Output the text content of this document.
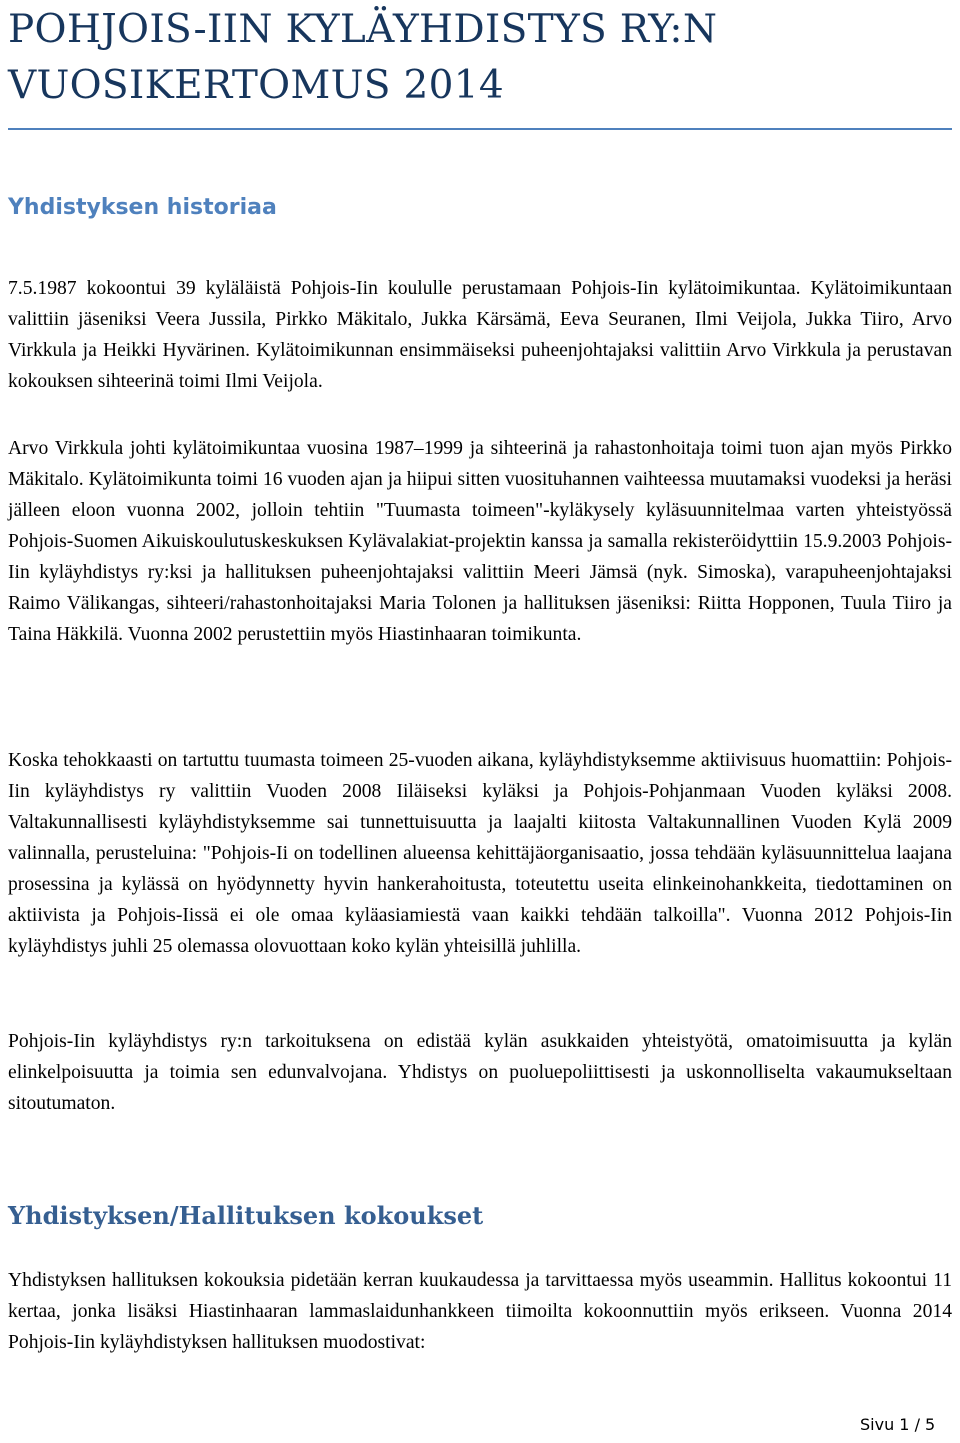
POHJOIS-IIN KYLÄYHDISTYS RY:N
VUOSIKERTOMUS 2014
Yhdistyksen historiaa

7.5.1987 kokoontui 39 kyläläistä Pohjois-Iin koululle perustamaan Pohjois-Iin kylätoimikuntaa. Kylätoimikuntaan valittiin jäseniksi Veera Jussila, Pirkko Mäkitalo, Jukka Kärsämä, Eeva Seuranen, Ilmi Veijola, Jukka Tiiro, Arvo Virkkula ja Heikki Hyvärinen. Kylätoimikunnan ensimmäiseksi puheenjohtajaksi valittiin Arvo Virkkula ja perustavan kokouksen sihteerinä toimi Ilmi Veijola.

Arvo Virkkula johti kylätoimikuntaa vuosina 1987–1999 ja sihteerinä ja rahastonhoitaja toimi tuon ajan myös Pirkko Mäkitalo. Kylätoimikunta toimi 16 vuoden ajan ja hiipui sitten vuosituhannen vaihteessa muutamaksi vuodeksi ja heräsi jälleen eloon vuonna 2002, jolloin tehtiin "Tuumasta toimeen"-kyläkysely kyläsuunnitelmaa varten yhteistyössä Pohjois-Suomen Aikuiskoulutuskeskuksen Kylävalakiat-projektin kanssa ja samalla rekisteröidyttiin 15.9.2003 Pohjois-Iin kyläyhdistys ry:ksi ja hallituksen puheenjohtajaksi valittiin Meeri Jämsä (nyk. Simoska), varapuheenjohtajaksi Raimo Välikangas, sihteeri/rahastonhoitajaksi Maria Tolonen ja hallituksen jäseniksi: Riitta Hopponen, Tuula Tiiro ja Taina Häkkilä. Vuonna 2002 perustettiin myös Hiastinhaaran toimikunta.

Koska tehokkaasti on tartuttu tuumasta toimeen 25-vuoden aikana, kyläyhdistyksemme aktiivisuus huomattiin: Pohjois-Iin kyläyhdistys ry valittiin Vuoden 2008 Iiläiseksi kyläksi ja Pohjois-Pohjanmaan Vuoden kyläksi 2008. Valtakunnallisesti kyläyhdistyksemme sai tunnettuisuutta ja laajalti kiitosta Valtakunnallinen Vuoden Kylä 2009 valinnalla, perusteluina: "Pohjois-Ii on todellinen alueensa kehittäjäorganisaatio, jossa tehdään kyläsuunnittelua laajana prosessina ja kylässä on hyödynnetty hyvin hankerahoitusta, toteutettu useita elinkeinohankkeita, tiedottaminen on aktiivista ja Pohjois-Iissä ei ole omaa kyläasiamiestä vaan kaikki tehdään talkoilla". Vuonna 2012 Pohjois-Iin kyläyhdistys juhli 25 olemassa olovuottaan koko kylän yhteisillä juhlilla.

Pohjois-Iin kyläyhdistys ry:n tarkoituksena on edistää kylän asukkaiden yhteistyötä, omatoimisuutta ja kylän elinkelpoisuutta ja toimia sen edunvalvojana. Yhdistys on puoluepoliittisesti ja uskonnolliselta vakaumukseltaan sitoutumaton.

Yhdistyksen/Hallituksen kokoukset

Yhdistyksen hallituksen kokouksia pidetään kerran kuukaudessa ja tarvittaessa myös useammin. Hallitus kokoontui 11 kertaa, jonka lisäksi Hiastinhaaran lammaslaidunhankkeen tiimoilta kokoonnuttiin myös erikseen. Vuonna 2014 Pohjois-Iin kyläyhdistyksen hallituksen muodostivat:

Sivu 1 / 5
